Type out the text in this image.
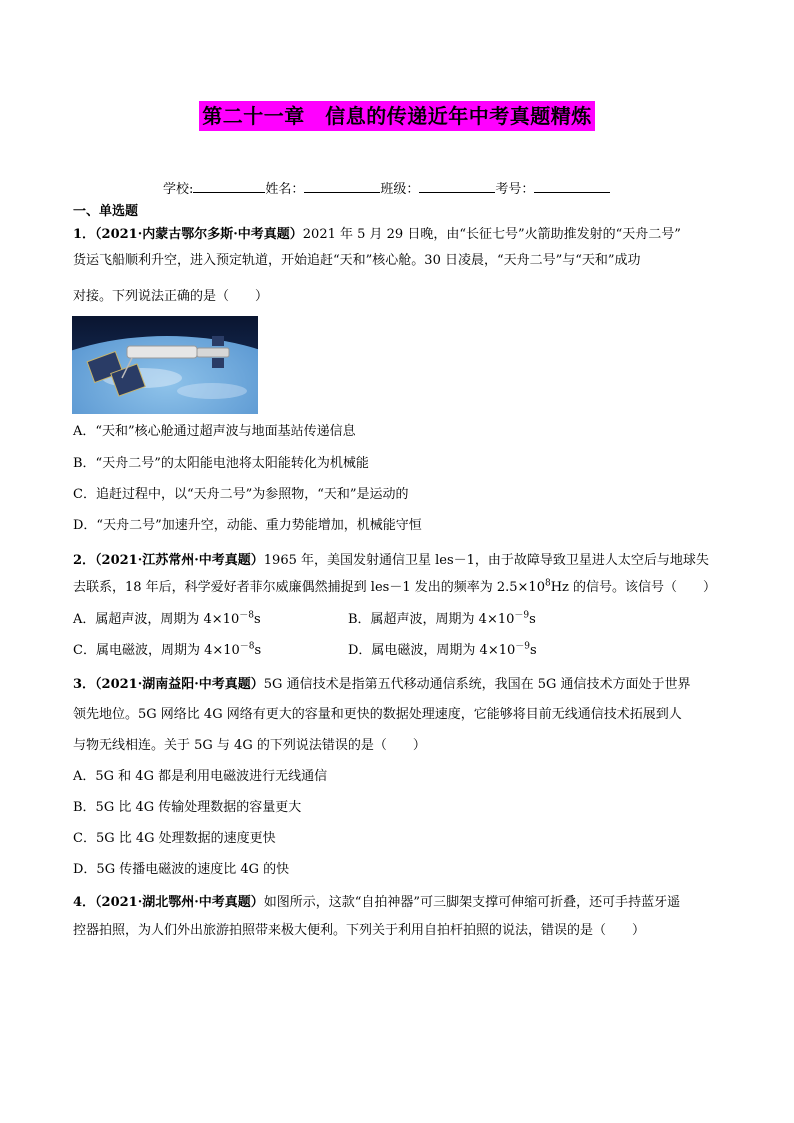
第二十一章　信息的传递近年中考真题精炼
学校:	姓名：	班级：	考号：
一、单选题
1．（2021·内蒙古鄂尔多斯·中考真题）2021 年 5 月 29 日晚，由“长征七号”火箭助推发射的“天舟二号”
货运飞船顺利升空，进入预定轨道，开始追赶“天和”核心舱。30 日凌晨，“天舟二号”与“天和”成功
对接。下列说法正确的是（　　）
A．“天和”核心舱通过超声波与地面基站传递信息
B．“天舟二号”的太阳能电池将太阳能转化为机械能
C．追赶过程中，以“天舟二号”为参照物，“天和”是运动的
D．“天舟二号”加速升空，动能、重力势能增加，机械能守恒
2．（2021·江苏常州·中考真题）1965 年，美国发射通信卫星 les－1，由于故障导致卫星进人太空后与地球失
去联系，18 年后，科学爱好者菲尔威廉偶然捕捉到 les－1 发出的频率为 $2.5\times 10^8Hz$ 的信号。该信号（　　）
A．属超声波，周期为 $4\times 10^{-8}s$	B．属超声波，周期为 $4\times 10^{-9}s$
C．属电磁波，周期为 $4\times 10^{-8}s$	D．属电磁波，周期为 $4\times 10^{-9}s$
3．（2021·湖南益阳·中考真题）5G 通信技术是指第五代移动通信系统，我国在 5G 通信技术方面处于世界
领先地位。5G 网络比 4G 网络有更大的容量和更快的数据处理速度，它能够将目前无线通信技术拓展到人
与物无线相连。关于 5G 与 4G 的下列说法错误的是（　　）
A．5G 和 4G 都是利用电磁波进行无线通信
B．5G 比 4G 传输处理数据的容量更大
C．5G 比 4G 处理数据的速度更快
D．5G 传播电磁波的速度比 4G 的快
4．（2021·湖北鄂州·中考真题）如图所示，这款“自拍神器”可三脚架支撑可伸缩可折叠，还可手持蓝牙遥
控器拍照，为人们外出旅游拍照带来极大便利。下列关于利用自拍杆拍照的说法，错误的是（　　）
